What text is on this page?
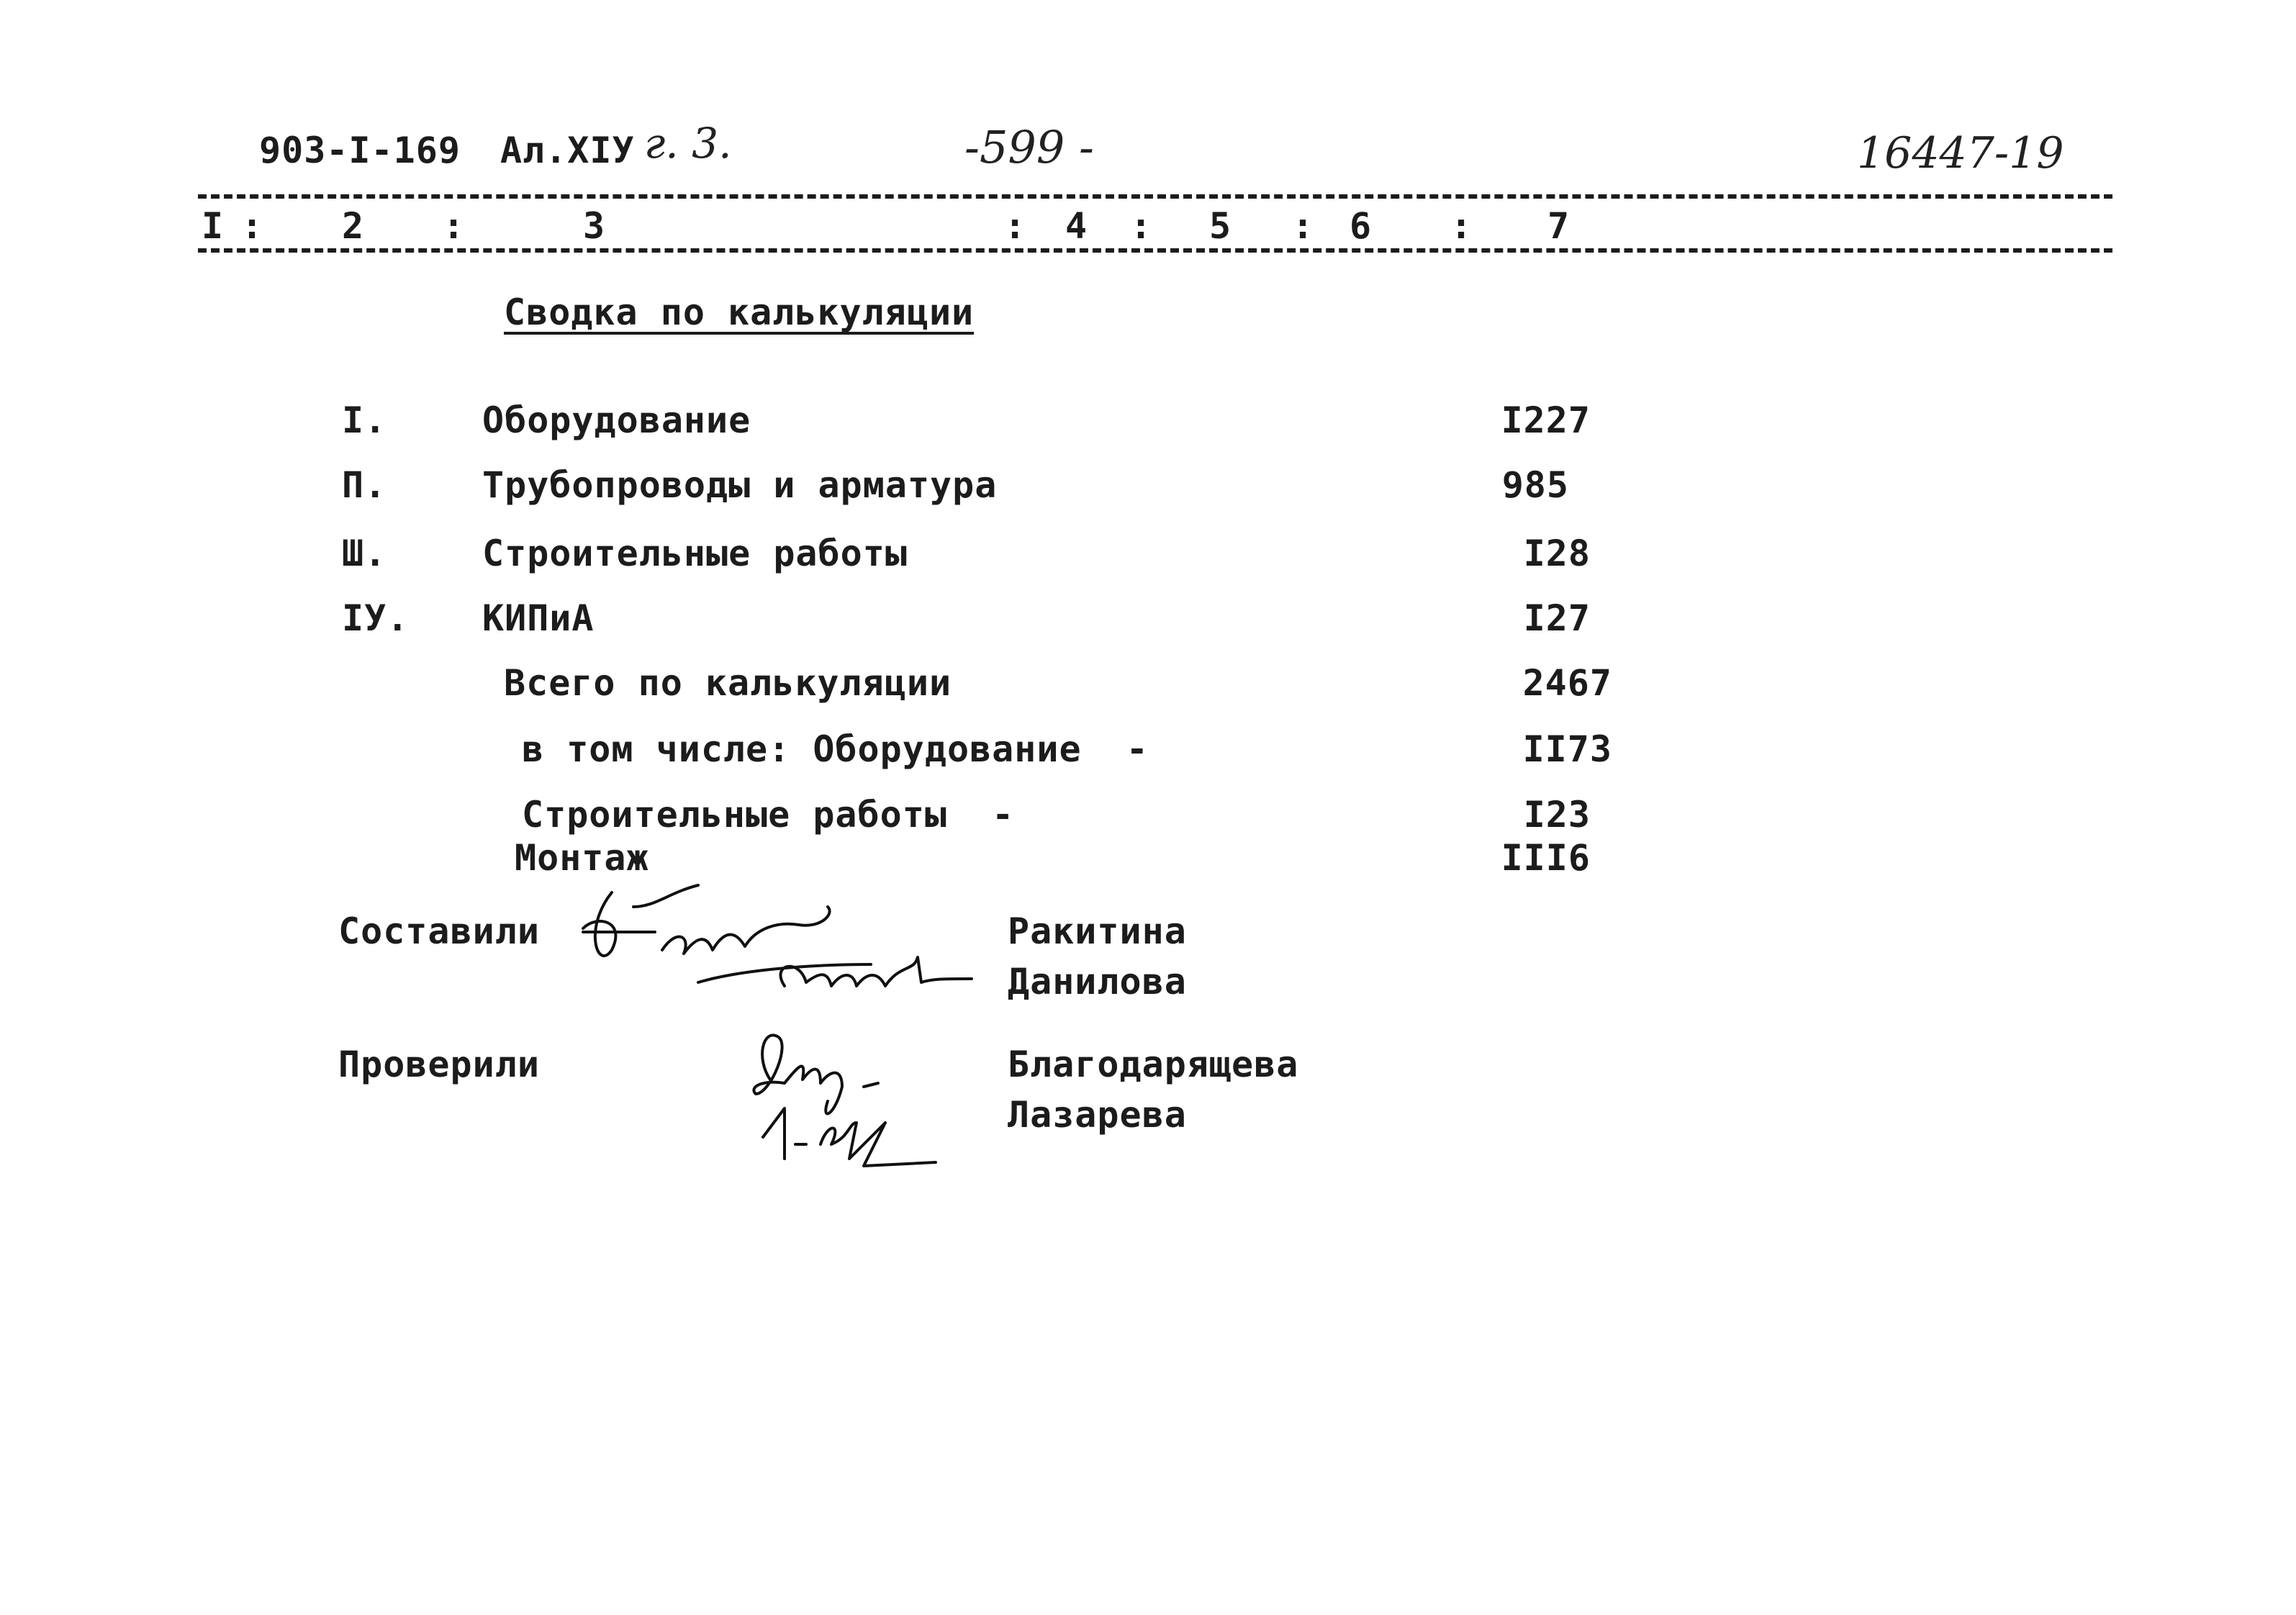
903-I-169 Ал.XIУ г. 3.	-599 -	16447-19
I : 2 :	3	: 4 : 5 : 6 : 7
Сводка по калькуляции
I.	Оборудование	I227
П.	Трубопроводы и арматура	985
Ш.	Строительные работы	I28
IУ. КИПиА	I27
Всего по калькуляции	2467
в том числе: Оборудование  -	II73
Строительные работы  -	I23
Монтаж	III6
Составили	Ракитина
Данилова
Проверили	Благодарящева
Лазарева
